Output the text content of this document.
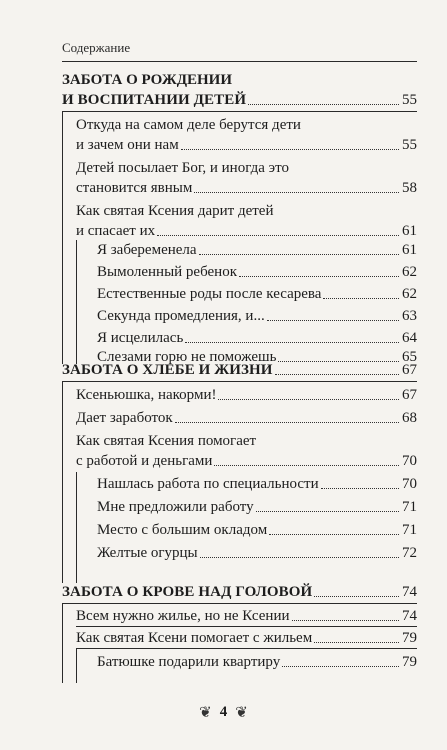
Содержание
ЗАБОТА О РОЖДЕНИИ
И ВОСПИТАНИИ ДЕТЕЙ	55
Откуда на самом деле берутся дети
и зачем они нам	55
Детей посылает Бог, и иногда это
становится явным	58
Как святая Ксения дарит детей
и спасает их	61
Я забеременела	61
Вымоленный ребенок	62
Естественные роды после кесарева	62
Секунда промедления, и...	63
Я исцелилась	64
Слезами горю не поможешь	65
ЗАБОТА О ХЛЕБЕ И ЖИЗНИ	67
Ксеньюшка, накорми!	67
Дает заработок	68
Как святая Ксения помогает
с работой и деньгами	70
Нашлась работа по специальности	70
Мне предложили работу	71
Место с большим окладом	71
Желтые огурцы	72
ЗАБОТА О КРОВЕ НАД ГОЛОВОЙ	74
Всем нужно жилье, но не Ксении	74
Как святая Ксени помогает с жильем	79
Батюшке подарили квартиру	79
❦ 4 ❦
